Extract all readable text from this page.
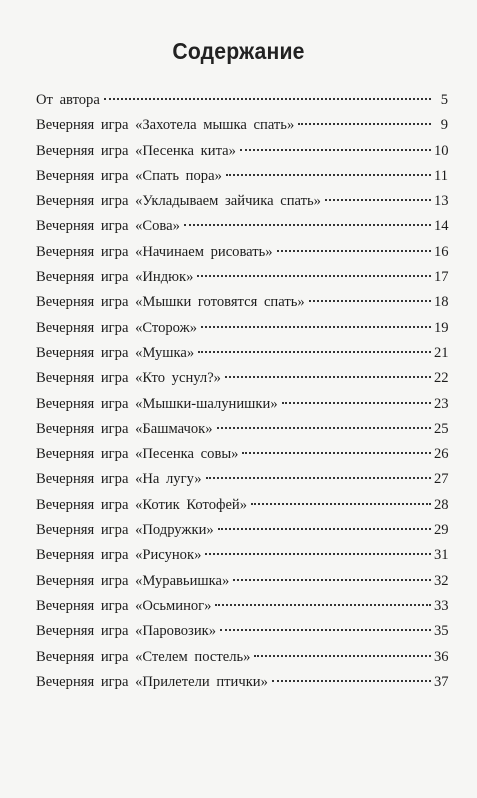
Содержание
От автора	5
Вечерняя игра «Захотела мышка спать»	9
Вечерняя игра «Песенка кита»	10
Вечерняя игра «Спать пора»	11
Вечерняя игра «Укладываем зайчика спать»	13
Вечерняя игра «Сова»	14
Вечерняя игра «Начинаем рисовать»	16
Вечерняя игра «Индюк»	17
Вечерняя игра «Мышки готовятся спать»	18
Вечерняя игра «Сторож»	19
Вечерняя игра «Мушка»	21
Вечерняя игра «Кто уснул?»	22
Вечерняя игра «Мышки-шалунишки»	23
Вечерняя игра «Башмачок»	25
Вечерняя игра «Песенка совы»	26
Вечерняя игра «На лугу»	27
Вечерняя игра «Котик Котофей»	28
Вечерняя игра «Подружки»	29
Вечерняя игра «Рисунок»	31
Вечерняя игра «Муравьишка»	32
Вечерняя игра «Осьминог»	33
Вечерняя игра «Паровозик»	35
Вечерняя игра «Стелем постель»	36
Вечерняя игра «Прилетели птички»	37
